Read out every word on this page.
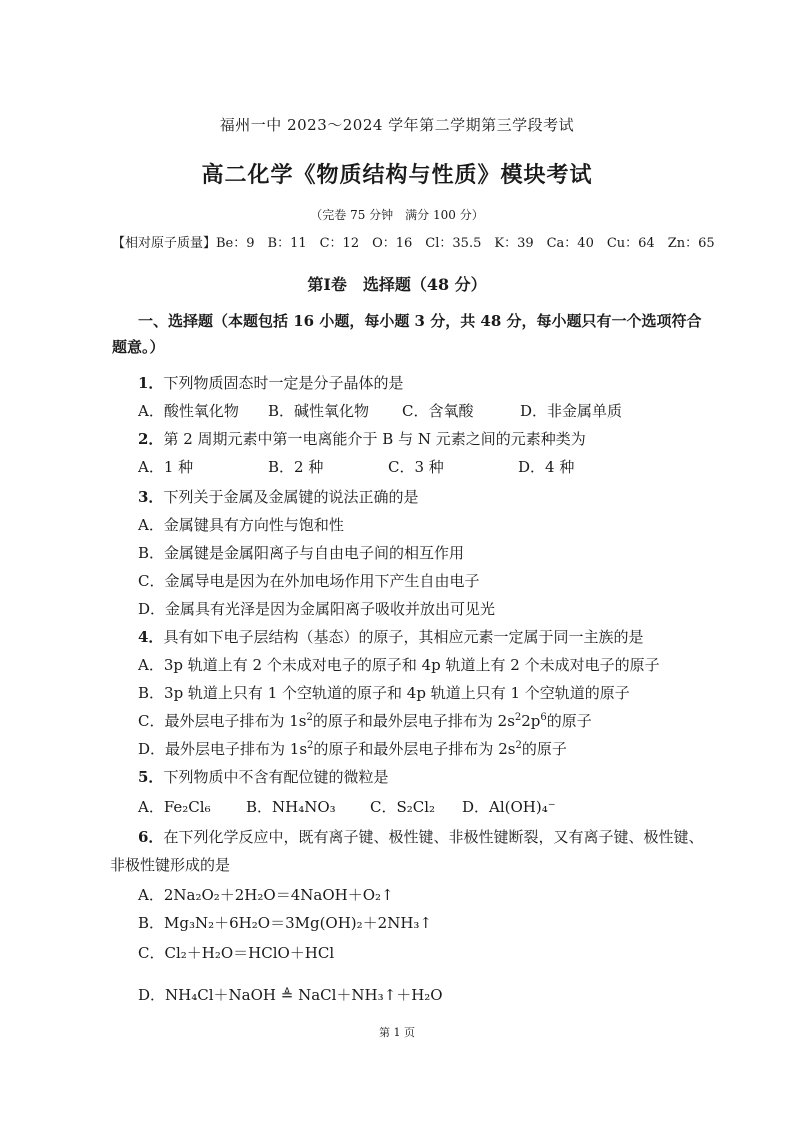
福州一中 2023～2024 学年第二学期第三学段考试
高二化学《物质结构与性质》模块考试
（完卷 75 分钟　满分 100 分）
【相对原子质量】Be：9　B：11　C：12　O：16　Cl：35.5　K：39　Ca：40　Cu：64　Zn：65
第Ⅰ卷　选择题（48 分）
一、选择题（本题包括 16 小题，每小题 3 分，共 48 分，每小题只有一个选项符合
题意。）
1．下列物质固态时一定是分子晶体的是
A．酸性氧化物 B．碱性氧化物 C．含氧酸	D．非金属单质
2．第 2 周期元素中第一电离能介于 B 与 N 元素之间的元素种类为
A．1 种	B．2 种	C．3 种	D．4 种
3．下列关于金属及金属键的说法正确的是
A．金属键具有方向性与饱和性
B．金属键是金属阳离子与自由电子间的相互作用
C．金属导电是因为在外加电场作用下产生自由电子
D．金属具有光泽是因为金属阳离子吸收并放出可见光
4．具有如下电子层结构（基态）的原子，其相应元素一定属于同一主族的是
A．3p 轨道上有 2 个未成对电子的原子和 4p 轨道上有 2 个未成对电子的原子
B．3p 轨道上只有 1 个空轨道的原子和 4p 轨道上只有 1 个空轨道的原子
C．最外层电子排布为 $1s^2$的原子和最外层电子排布为 $2s^22p^6$的原子
D．最外层电子排布为 $1s^2$的原子和最外层电子排布为 $2s^2$的原子
5．下列物质中不含有配位键的微粒是
A．Fe₂Cl₆ B．NH₄NO₃ C．S₂Cl₂ D．Al(OH)₄⁻
6．在下列化学反应中，既有离子键、极性键、非极性键断裂，又有离子键、极性键、
非极性键形成的是
A．2Na₂O₂＋2H₂O＝4NaOH＋O₂↑
B．Mg₃N₂＋6H₂O＝3Mg(OH)₂＋2NH₃↑
C．Cl₂＋H₂O＝HClO＋HCl
D．NH₄Cl＋NaOH ≜ NaCl＋NH₃↑＋H₂O
第 1 页
